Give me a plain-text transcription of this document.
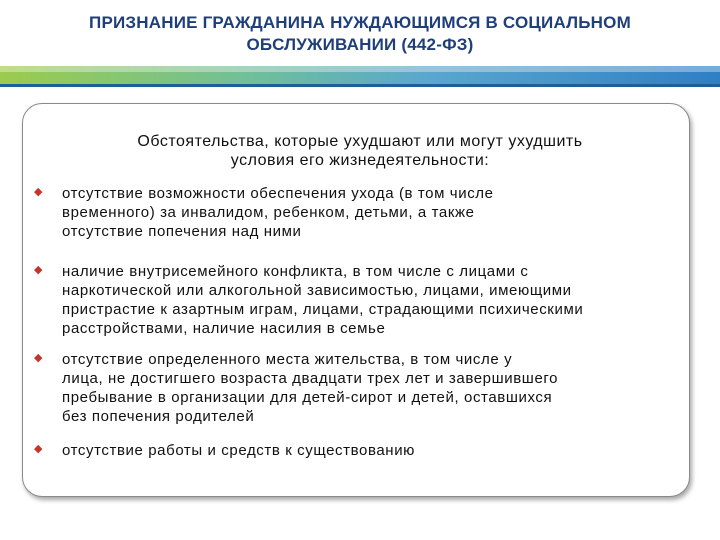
ПРИЗНАНИЕ ГРАЖДАНИНА НУЖДАЮЩИМСЯ В СОЦИАЛЬНОМ
ОБСЛУЖИВАНИИ (442-ФЗ)
Обстоятельства, которые ухудшают или могут ухудшить
условия его жизнедеятельности:
◆ отсутствие возможности обеспечения ухода (в том числе
временного) за инвалидом, ребенком, детьми, а также
отсутствие попечения над ними
◆ наличие внутрисемейного конфликта, в том числе с лицами с
наркотической или алкогольной зависимостью, лицами, имеющими
пристрастие к азартным играм, лицами, страдающими психическими
расстройствами, наличие насилия в семье
◆ отсутствие определенного места жительства, в том числе у
лица, не достигшего возраста двадцати трех лет и завершившего
пребывание в организации для детей-сирот и детей, оставшихся
без попечения родителей
◆ отсутствие работы и средств к существованию
